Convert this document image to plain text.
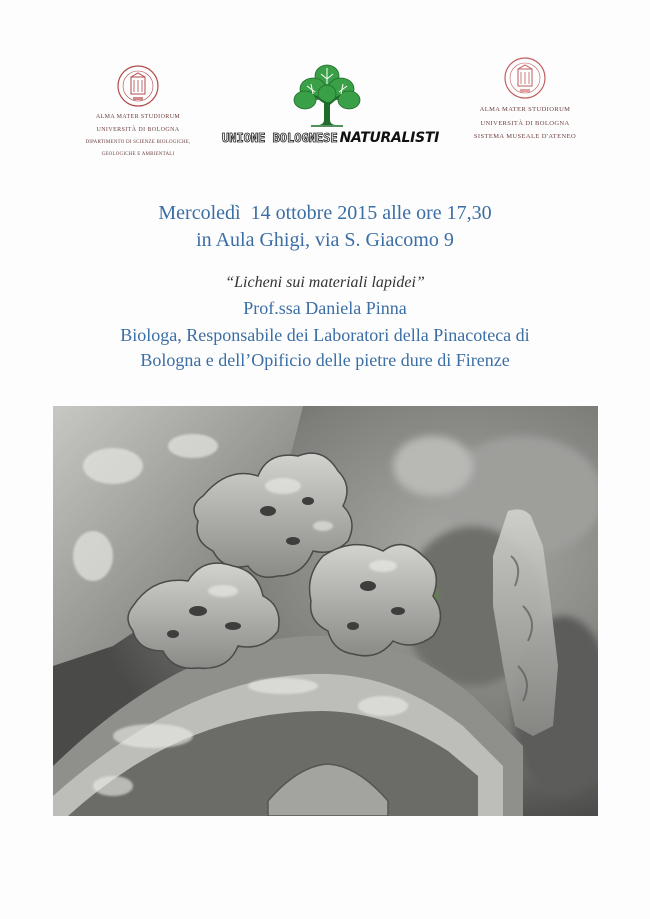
ALMA MATER STUDIORUM
UNIVERSITÀ DI BOLOGNA
DIPARTIMENTO DI SCIENZE BIOLOGICHE,
GEOLOGICHE E AMBIENTALI
UNIONE BOLOGNESE NATURALISTI
ALMA MATER STUDIORUM
UNIVERSITÀ DI BOLOGNA
SISTEMA MUSEALE D'ATENEO
Mercoledì  14 ottobre 2015 alle ore 17,30
in Aula Ghigi, via S. Giacomo 9
“Licheni sui materiali lapidei”
Prof.ssa Daniela Pinna
Biologa, Responsabile dei Laboratori della Pinacoteca di
Bologna e dell’Opificio delle pietre dure di Firenze
